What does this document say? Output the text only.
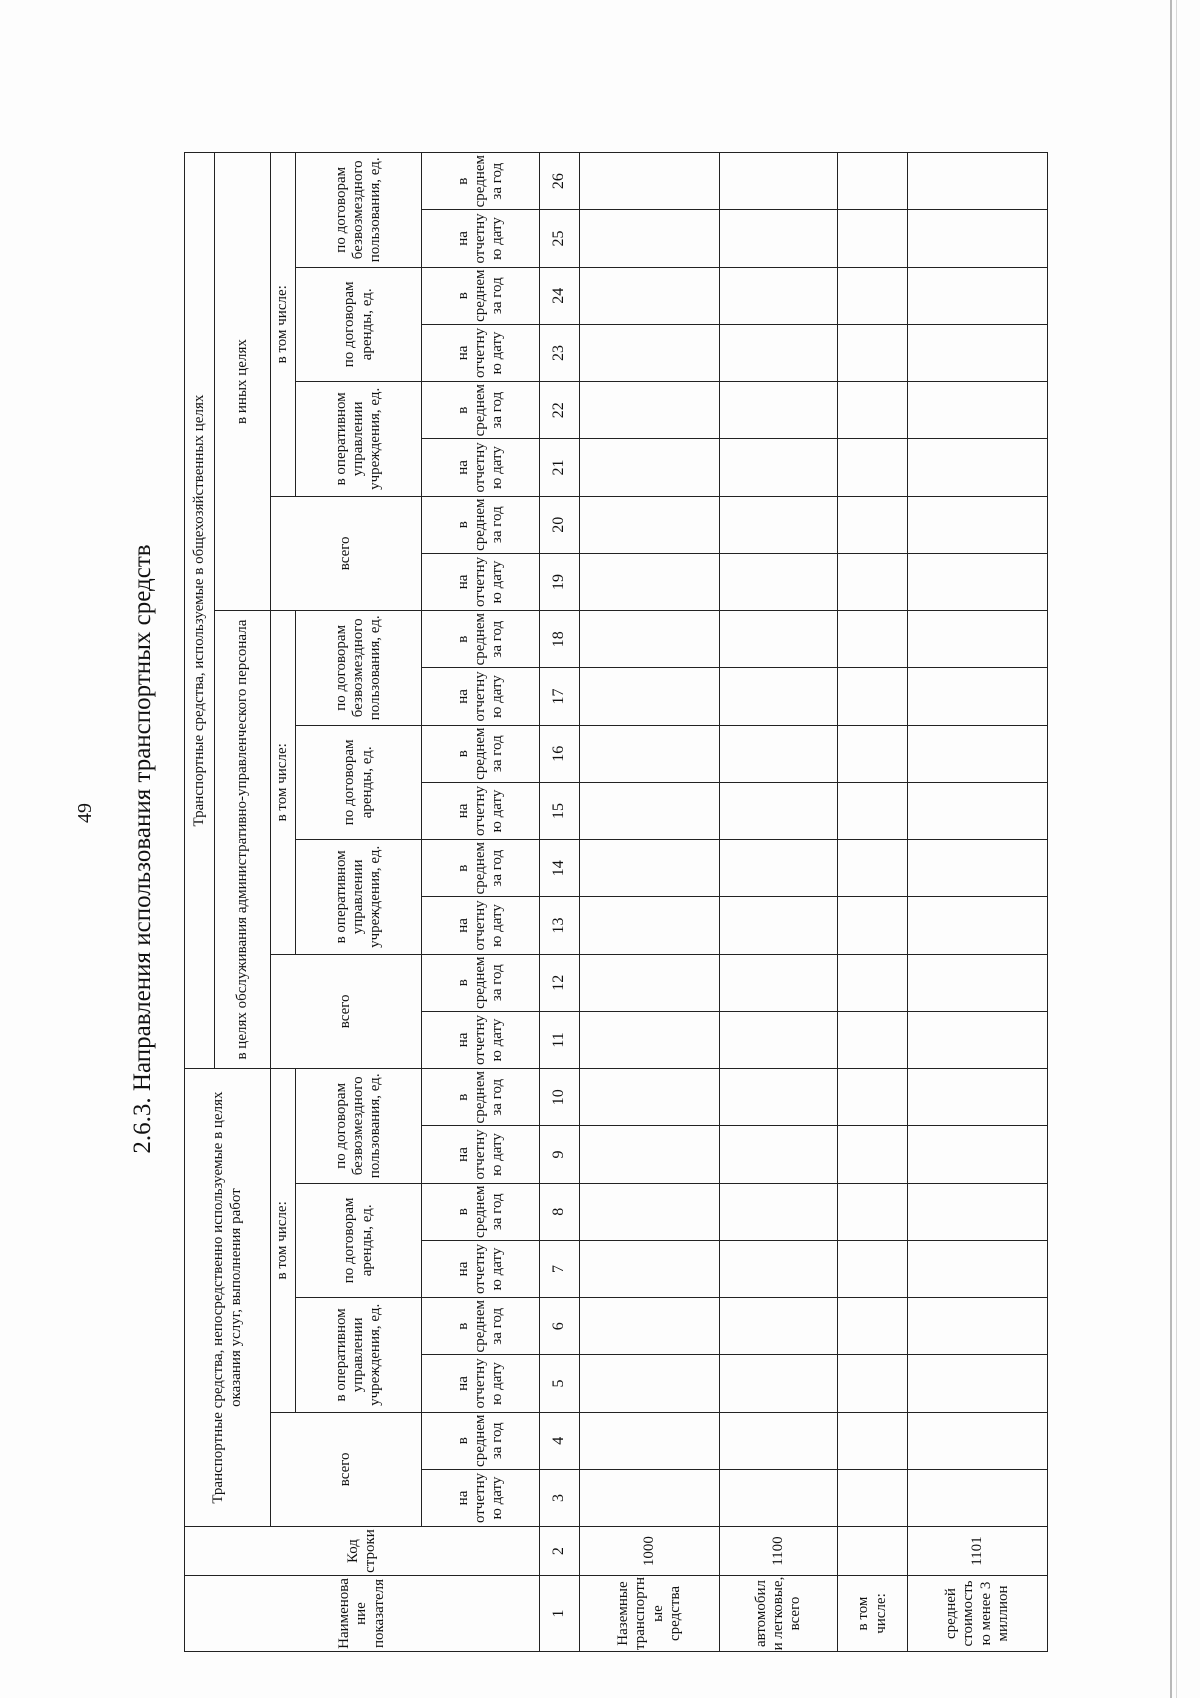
49 2.6.3. Направления использования транспортных средств
Наименование показателя	Код строки	Транспортные средства, непосредственно используемые в целях оказания услуг, выполнения работ								Транспортные средства, используемые в общехозяйственных целях															
										в целях обслуживания административно-управленческого персонала								в иных целях							
		всего		в том числе:						всего		в том числе:						всего		в том числе:					
				в оперативном управлении учреждения, ед.		по договорам аренды, ед.		по договорам безвозмездного пользования, ед.				в оперативном управлении учреждения, ед.		по договорам аренды, ед.		по договорам безвозмездного пользования, ед.				в оперативном управлении учреждения, ед.		по договорам аренды, ед.		по договорам безвозмездного пользования, ед.	
		на отчетную дату	в среднем за год	на отчетную дату	в среднем за год	на отчетную дату	в среднем за год	на отчетную дату	в среднем за год	на отчетную дату	в среднем за год	на отчетную дату	в среднем за год	на отчетную дату	в среднем за год	на отчетную дату	в среднем за год	на отчетную дату	в среднем за год	на отчетную дату	в среднем за год	на отчетную дату	в среднем за год	на отчетную дату	в среднем за год
1	2	3	4	5	6	7	8	9	10	11	12	13	14	15	16	17	18	19	20	21	22	23	24	25	26
Наземные транспортные средства	1000																								
автомобили легковые, всего	1100																								
в том числе:																									
средней стоимостью менее 3 миллион	1101																								
